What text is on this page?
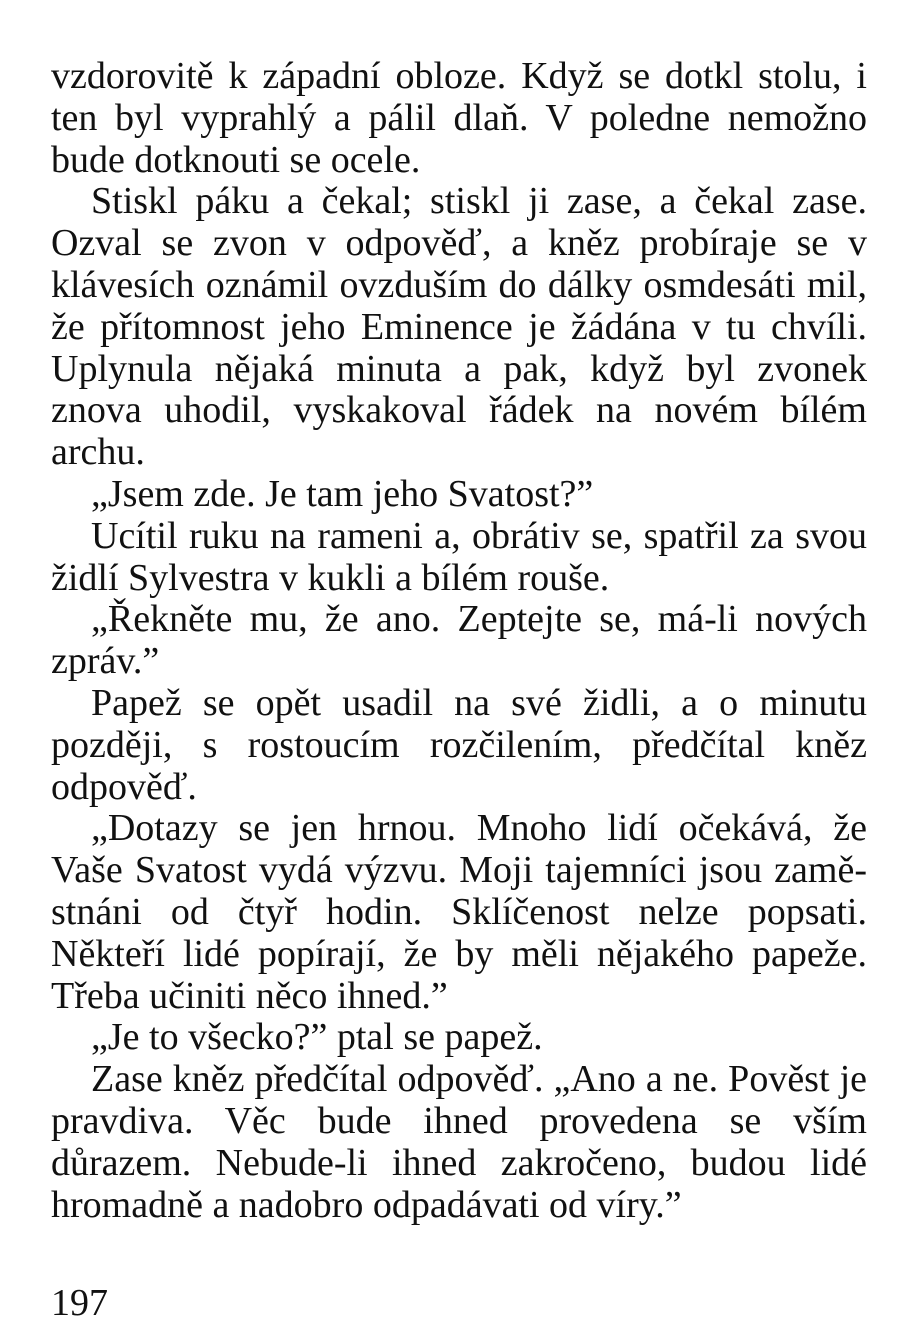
vzdorovitě k západní obloze. Když se dotkl stolu, i ten byl vyprahlý a pálil dlaň. V poledne nemožno bude dotknouti se ocele.

Stiskl páku a čekal; stiskl ji zase, a čekal zase. Ozval se zvon v odpověď, a kněz probíraje se v klávesích oznámil ovzduším do dálky osmdesáti mil, že přítomnost jeho Eminence je žádána v tu chvíli. Uplynula nějaká minuta a pak, když byl zvonek znova uhodil, vyskakoval řádek na novém bílém archu.

„Jsem zde. Je tam jeho Svatost?”

Ucítil ruku na rameni a, obrátiv se, spatřil za svou židlí Sylvestra v kukli a bílém rouše.

„Řekněte mu, že ano. Zeptejte se, má-li nových zpráv.”

Papež se opět usadil na své židli, a o minutu později, s rostoucím rozčilením, předčítal kněz odpověď.

„Dotazy se jen hrnou. Mnoho lidí očekává, že Vaše Svatost vydá výzvu. Moji tajemníci jsou zaměstnáni od čtyř hodin. Sklíčenost nelze popsati. Někteří lidé popírají, že by měli nějakého papeže. Třeba učiniti něco ihned.”

„Je to všecko?” ptal se papež.

Zase kněz předčítal odpověď. „Ano a ne. Pověst je pravdiva. Věc bude ihned provedena se vším důrazem. Nebude-li ihned zakročeno, budou lidé hromadně a nadobro odpadávati od víry.”

197
